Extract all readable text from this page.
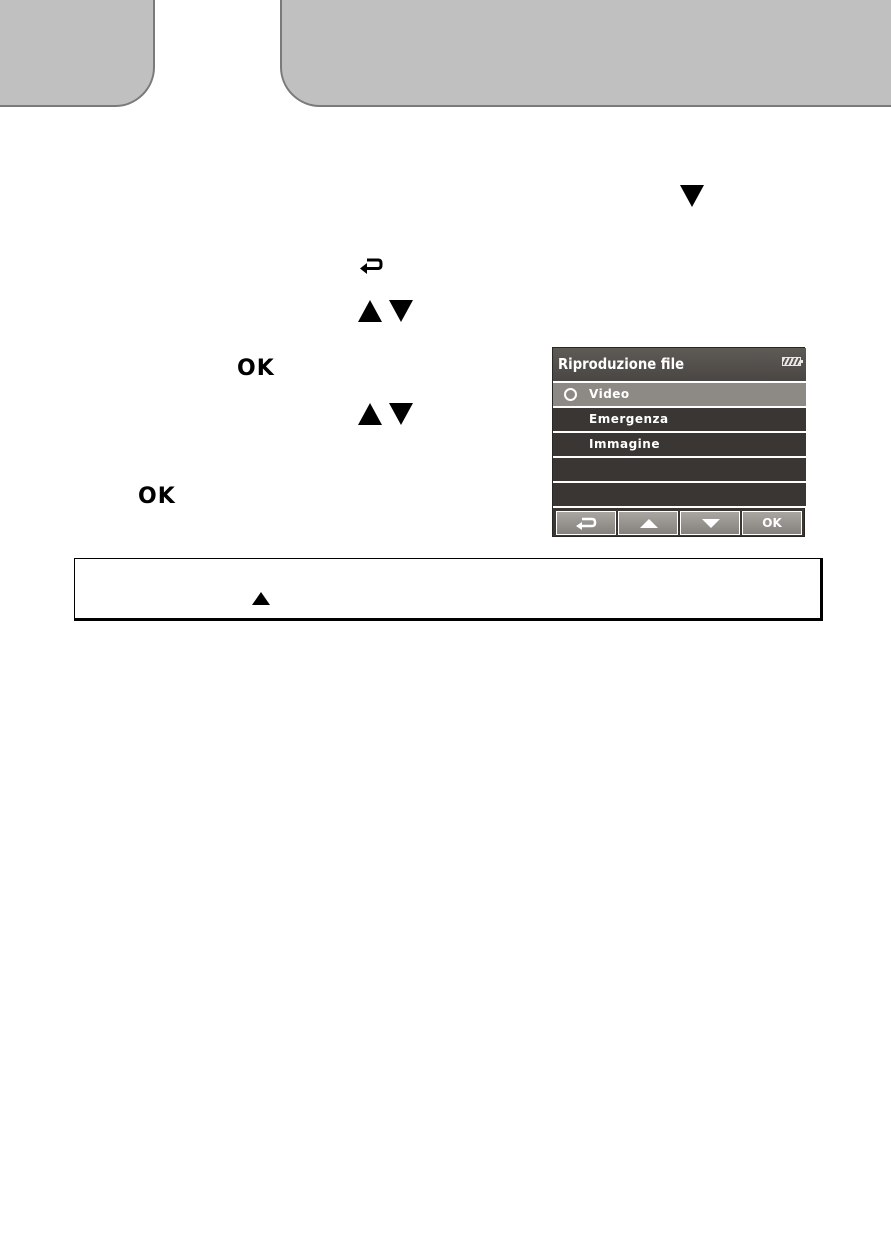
OK
OK
Riproduzione file
Video
Emergenza
Immagine
OK
